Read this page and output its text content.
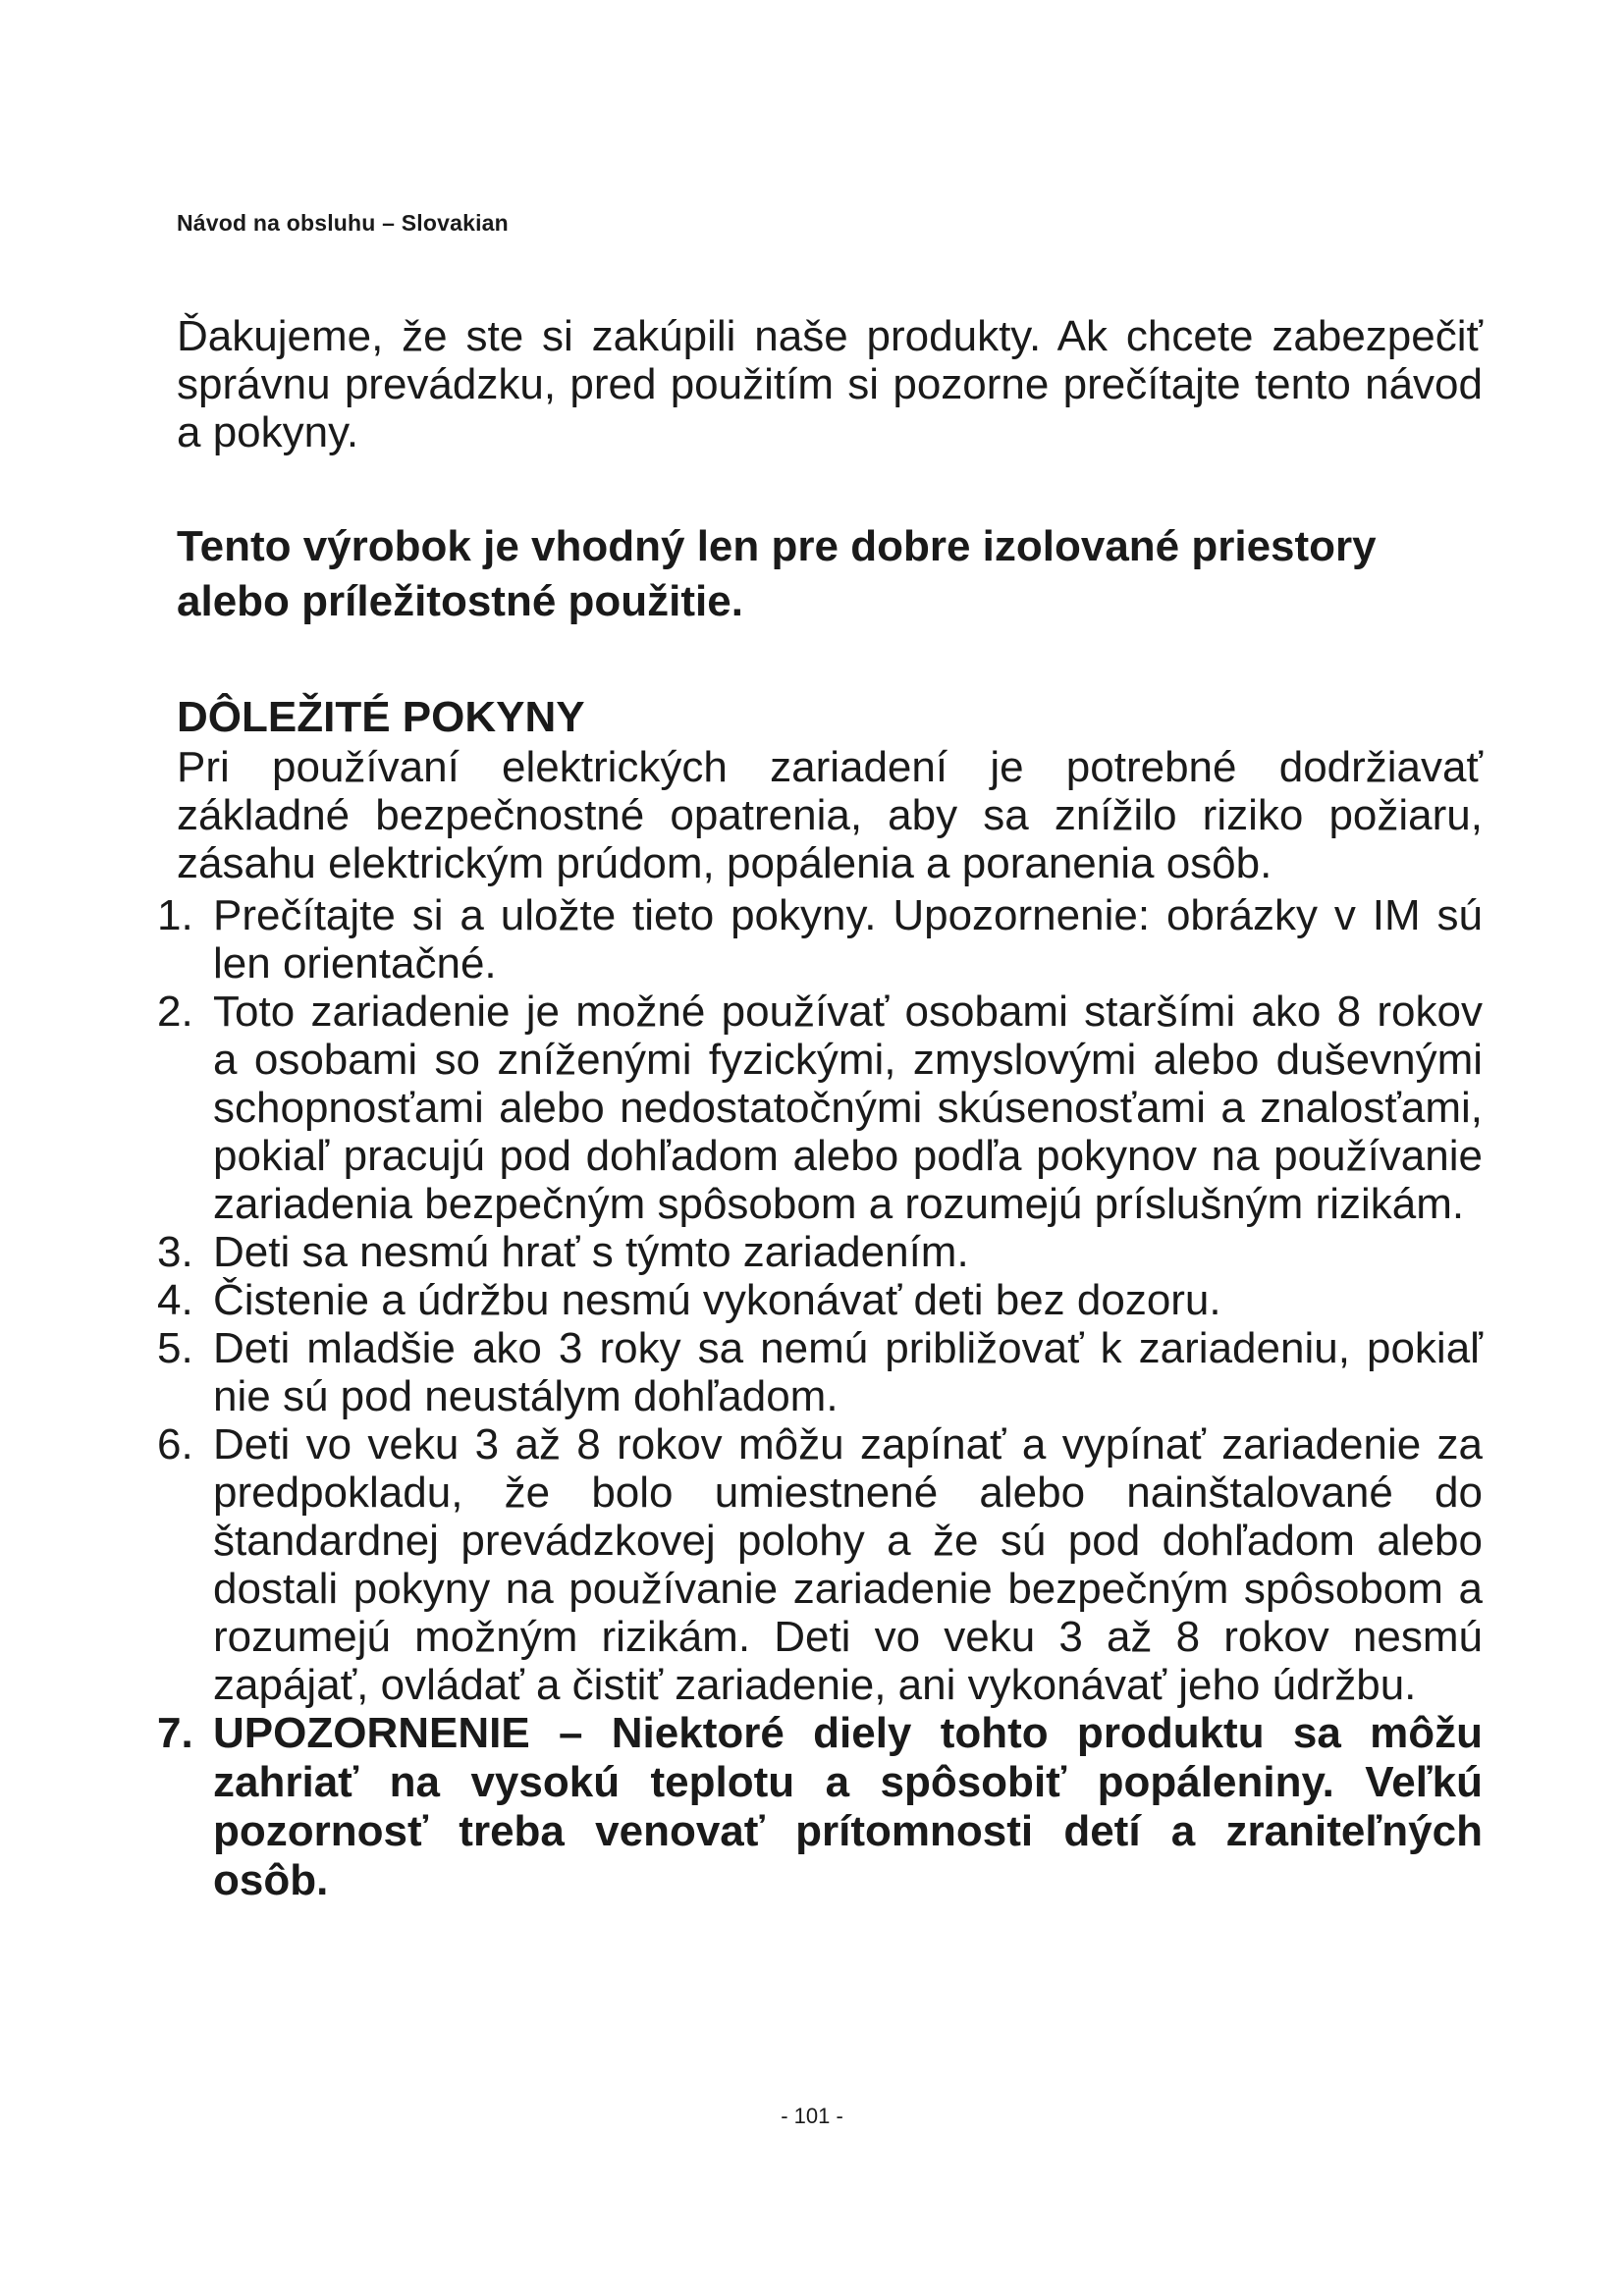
Návod na obsluhu – Slovakian

Ďakujeme, že ste si zakúpili naše produkty. Ak chcete zabezpečiť správnu prevádzku, pred použitím si pozorne prečítajte tento návod a pokyny.

Tento výrobok je vhodný len pre dobre izolované priestory alebo príležitostné použitie.

DÔLEŽITÉ POKYNY

Pri používaní elektrických zariadení je potrebné dodržiavať základné bezpečnostné opatrenia, aby sa znížilo riziko požiaru, zásahu elektrickým prúdom, popálenia a poranenia osôb.

1. Prečítajte si a uložte tieto pokyny. Upozornenie: obrázky v IM sú len orientačné.
2. Toto zariadenie je možné používať osobami staršími ako 8 rokov a osobami so zníženými fyzickými, zmyslovými alebo duševnými schopnosťami alebo nedostatočnými skúsenosťami a znalosťami, pokiaľ pracujú pod dohľadom alebo podľa pokynov na používanie zariadenia bezpečným spôsobom a rozumejú príslušným rizikám.
3. Deti sa nesmú hrať s týmto zariadením.
4. Čistenie a údržbu nesmú vykonávať deti bez dozoru.
5. Deti mladšie ako 3 roky sa nemú približovať k zariadeniu, pokiaľ nie sú pod neustálym dohľadom.
6. Deti vo veku 3 až 8 rokov môžu zapínať a vypínať zariadenie za predpokladu, že bolo umiestnené alebo nainštalované do štandardnej prevádzkovej polohy a že sú pod dohľadom alebo dostali pokyny na používanie zariadenie bezpečným spôsobom a rozumejú možným rizikám. Deti vo veku 3 až 8 rokov nesmú zapájať, ovládať a čistiť zariadenie, ani vykonávať jeho údržbu.
7. UPOZORNENIE – Niektoré diely tohto produktu sa môžu zahriať na vysokú teplotu a spôsobiť popáleniny. Veľkú pozornosť treba venovať prítomnosti detí a zraniteľných osôb.
- 101 -
